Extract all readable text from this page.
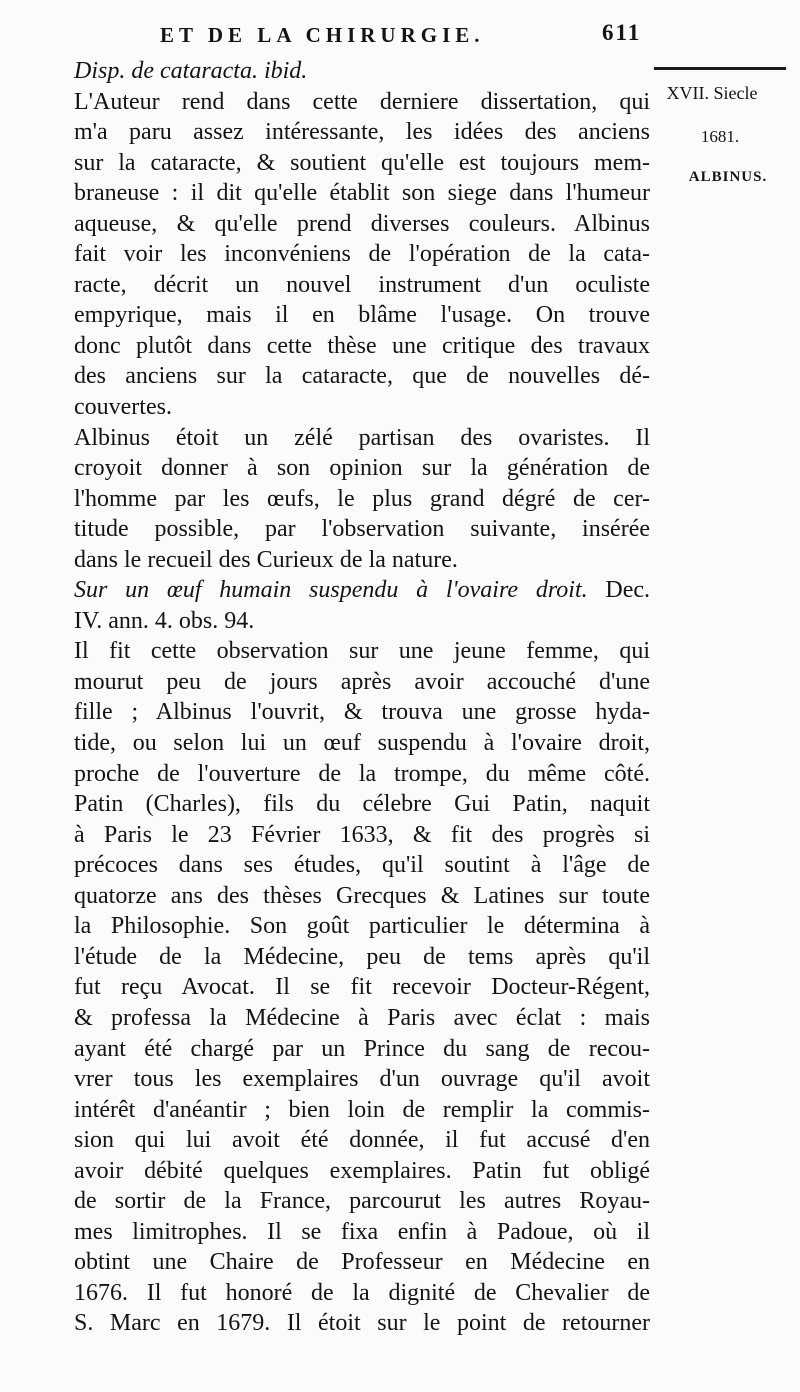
ET DE LA CHIRURGIE.	611
XVII. Siecle
1681.
ALBINUS.
Disp. de cataracta. ibid.
L'Auteur rend dans cette derniere dissertation, qui
m'a paru assez intéressante, les idées des anciens
sur la cataracte, & soutient qu'elle est toujours mem-
braneuse : il dit qu'elle établit son siege dans l'humeur
aqueuse, & qu'elle prend diverses couleurs. Albinus
fait voir les inconvéniens de l'opération de la cata-
racte, décrit un nouvel instrument d'un oculiste
empyrique, mais il en blâme l'usage. On trouve
donc plutôt dans cette thèse une critique des travaux
des anciens sur la cataracte, que de nouvelles dé-
couvertes.
Albinus étoit un zélé partisan des ovaristes. Il
croyoit donner à son opinion sur la génération de
l'homme par les œufs, le plus grand dégré de cer-
titude possible, par l'observation suivante, insérée
dans le recueil des Curieux de la nature.
Sur un œuf humain suspendu à l'ovaire droit. Dec.
IV. ann. 4. obs. 94.
Il fit cette observation sur une jeune femme, qui
mourut peu de jours après avoir accouché d'une
fille ; Albinus l'ouvrit, & trouva une grosse hyda-
tide, ou selon lui un œuf suspendu à l'ovaire droit,
proche de l'ouverture de la trompe, du même côté.
Patin (Charles), fils du célebre Gui Patin, naquit
à Paris le 23 Février 1633, & fit des progrès si
précoces dans ses études, qu'il soutint à l'âge de
quatorze ans des thèses Grecques & Latines sur toute
la Philosophie. Son goût particulier le détermina à
l'étude de la Médecine, peu de tems après qu'il
fut reçu Avocat. Il se fit recevoir Docteur-Régent,
& professa la Médecine à Paris avec éclat : mais
ayant été chargé par un Prince du sang de recou-
vrer tous les exemplaires d'un ouvrage qu'il avoit
intérêt d'anéantir ; bien loin de remplir la commis-
sion qui lui avoit été donnée, il fut accusé d'en
avoir débité quelques exemplaires. Patin fut obligé
de sortir de la France, parcourut les autres Royau-
mes limitrophes. Il se fixa enfin à Padoue, où il
obtint une Chaire de Professeur en Médecine en
1676. Il fut honoré de la dignité de Chevalier de
S. Marc en 1679. Il étoit sur le point de retourner
